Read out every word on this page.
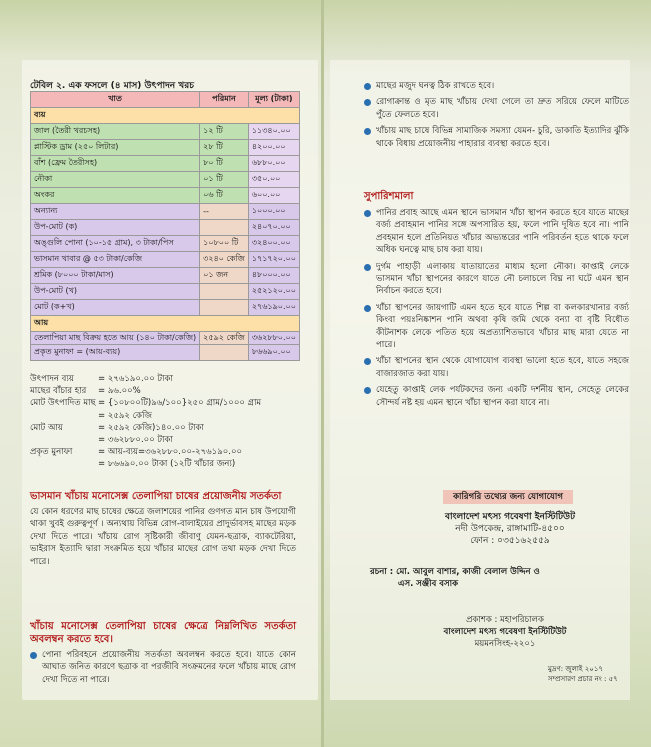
টেবিল ২. এক ফসলে (৪ মাস) উৎপাদন খরচ
খাত	পরিমান	মূল্য (টাকা)
ব্যয়		
জাল (তৈরী খরচসহ)	১২ টি	১১৩৪০.০০
প্লাস্টিক ড্রাম (২৫০ লিটার)	২৮ টি	৪২০০.০০
বাঁশ (ফ্রেম তৈরীসহ)	৮০ টি	৬৮৮০.০০
নৌকা	০১ টি	৩৫০.০০
অংকর	০৬ টি	৬০০.০০
অন্যান্য	--	১০০০.০০
উপ-মোট (ক)		২৪০৭০.০০
অঙ্গুলি পোনা (১০-১৫ গ্রাম), ৩ টাকা/পিস	১০৮০০ টি	৩২৪০০.০০
ভাসমান খাবার @ ৫৩ টাকা/কেজি	৩২৪০ কেজি	১৭১৭২০.০০
শ্রমিক (৮০০০ টাকা/মাস)	০১ জন	৪৮০০০.০০
উপ-মোট (খ)		২৫২১২০.০০
মোট (ক+খ)		২৭৬১৯০.০০
আয়		
তেলাপিয়া মাছ বিক্রয় হতে আয় (১৪০ টাকা/কেজি)	২৫৯২ কেজি	৩৬২৮৮০.০০
প্রকৃত মুনাফা = (আয়-ব্যয়)		৮৬৬৯০.০০
উৎপাদন ব্যয়	= ২৭৬১৯০.০০ টাকা
মাছের বাঁচার হার	= ৯৬.০০%
মোট উৎপাদিত মাছ = {১০৮০০টি)৯৬/১০০}২৫০ গ্রাম/১০০০ গ্রাম
= ২৫৯২ কেজি
মোট আয়	= ২৫৯২ কেজি)১৪০.০০ টাকা
= ৩৬২৮৮০.০০ টাকা
প্রকৃত মুনাফা	= আয়-ব্যয়=৩৬২৮৮০.০০-২৭৬১৯০.০০
= ৮৬৬৯০.০০ টাকা (১২টি খাঁচার জন্য)
ভাসমান খাঁচায় মনোসেক্স তেলাপিয়া চাষের প্রয়োজনীয় সতর্কতা
যে কোন ধরণের মাছ চাষের ক্ষেত্রে জলাশয়ের পানির গুণগত মান চাষ উপযোগী থাকা খুবই গুরুত্বপূর্ণ । অন্যথায় বিভিন্ন রোগ-বালাইয়ের প্রাদুর্ভাবসহ মাছের মড়ক দেখা দিতে পারে। খাঁচায় রোগ সৃষ্টিকারী জীবাণু যেমন-ছত্রাক, ব্যাকটেরিয়া, ভাইরাস ইত্যাদি দ্বারা সংক্রমিত হয়ে খাঁচার মাছের রোগ তথা মড়ক দেখা দিতে পারে।
খাঁচায় মনোসেক্স তেলাপিয়া চাষের ক্ষেত্রে নিম্নলিখিত সতর্কতা অবলম্বন করতে হবে।
পোনা পরিবহনে প্রয়োজনীয় সতর্কতা অবলম্বন করতে হবে। যাতে কোন আঘাত জনিত কারণে ছত্রাক বা পরজীবি সংক্রমনের ফলে খাঁচায় মাছে রোগ দেখা দিতে না পারে।
মাছের মজুদ ঘনত্ব ঠিক রাখতে হবে।
রোগাক্রান্ত ও মৃত মাছ খাঁচায় দেখা গেলে তা দ্রুত সরিয়ে ফেলে মাটিতে পুঁতে ফেলতে হবে।
খাঁচায় মাছ চাষে বিভিন্ন সামাজিক সমস্যা যেমন- চুরি, ডাকাতি ইত্যাদির ঝুঁকি থাকে বিধায় প্রয়োজনীয় পাহারার ব্যবস্থা করতে হবে।
সুপারিশমালা
পানির প্রবাহ আছে এমন স্থানে ভাসমান খাঁচা স্থাপন করতে হবে যাতে মাছের বর্জ্য প্রবাহমান পানির সঙ্গে অপসারিত হয়, ফলে পানি দূষিত হবে না। পানি প্রবহমান হলে প্রতিনিয়ত খাঁচার অভ্যন্তরের পানি পরিবর্তন হতে থাকে ফলে অধিক ঘনত্বে মাছ চাষ করা যায়।
দুর্গম পাহাড়ী এলাকায় যাতায়াতের মাধ্যম হলো নৌকা। কাপ্তাই লেকে ভাসমান খাঁচা স্থাপনের কারণে যাতে নৌ চলাচলে বিঘ্ন না ঘটে এমন স্থান নির্বাচন করতে হবে।
খাঁচা স্থাপনের জায়গাটি এমন হতে হবে যাতে শিল্প বা কলকারখানার বর্জ্য কিংবা পয়ঃনিষ্কাশন পানি অথবা কৃষি জমি থেকে বন্যা বা বৃষ্টি বিধৌত কীটনাশক লেকে পতিত হয়ে অপ্রত্যাশিতভাবে খাঁচার মাছ মারা যেতে না পারে।
খাঁচা স্থাপনের স্থান থেকে যোগাযোগ ব্যবস্থা ভালো হতে হবে, যাতে সহজে বাজারজাত করা যায়।
যেহেতু কাপ্তাই লেক পর্যটকদের জন্য একটি দর্শনীয় স্থান, সেহেতু লেকের সৌন্দর্য নষ্ট হয় এমন স্থানে খাঁচা স্থাপন করা যাবে না।
কারিগরি তথ্যের জন্য যোগাযোগ
বাংলাদেশ মৎস্য গবেষণা ইনস্টিটিউট
নদী উপকেন্দ্র, রাঙ্গামাটি-৪৫০০
ফোন : ০৩৫১৬২৫৫৯
রচনা : মো. আবুল বাশার, কাজী বেলাল উদ্দিন ও
এস. সঞ্জীব বসাক
প্রকাশক : মহাপরিচালক
বাংলাদেশ মৎস্য গবেষণা ইনস্টিটিউট
ময়মনসিংহ-২২০১
মুদ্রণ: জুলাই ২০১৭
সম্প্রসারণ প্রচার নং : ৫৭
